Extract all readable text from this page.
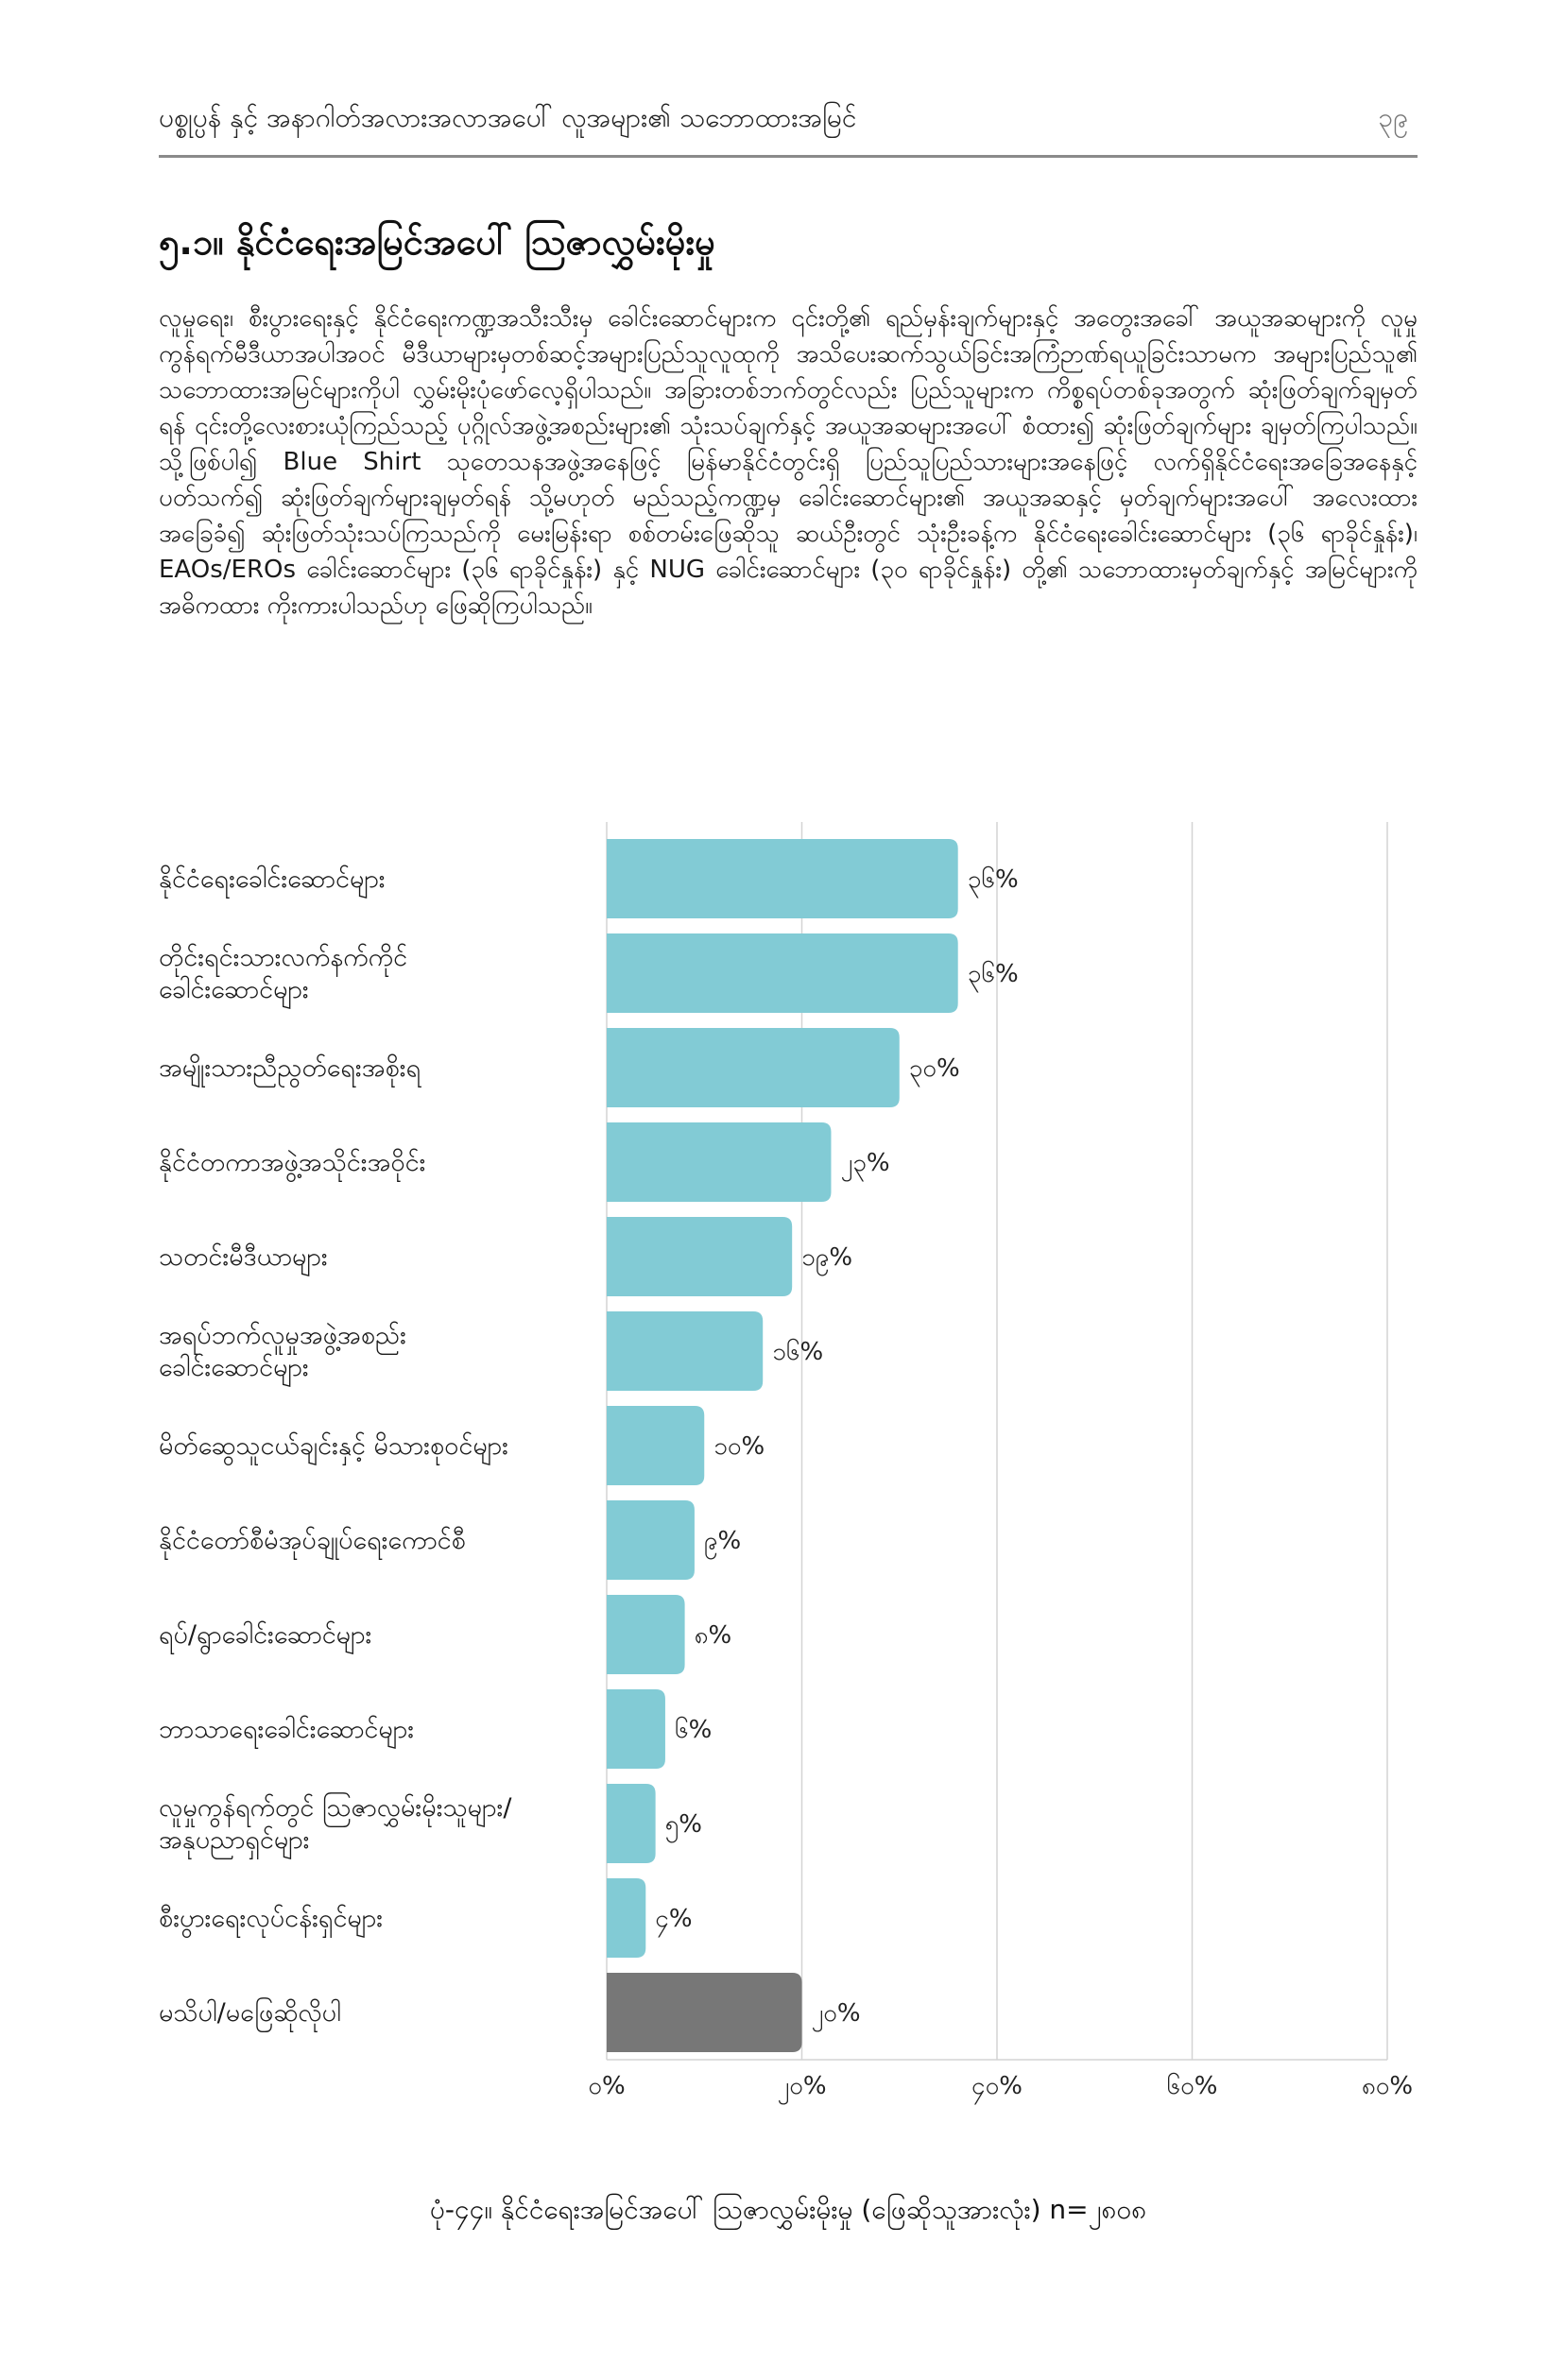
ပစ္စုပ္ပန် နှင့် အနာဂါတ်အလားအလာအပေါ် လူအများ၏ သဘောထားအမြင်	၃၉
၅.၁။ နိုင်ငံရေးအမြင်အပေါ် သြဇာလွှမ်းမိုးမှု
လူမှုရေး၊ စီးပွားရေးနှင့် နိုင်ငံရေးကဏ္ဍအသီးသီးမှ ခေါင်းဆောင်များက ၎င်းတို့၏ ရည်မှန်းချက်များနှင့် အတွေးအခေါ် အယူအဆများကို လူမှုကွန်ရက်မီဒီယာအပါအဝင် မီဒီယာများမှတစ်ဆင့်အများပြည်သူလူထုကို အသိပေးဆက်သွယ်ခြင်းအကြံဉာဏ်ရယူခြင်းသာမက အများပြည်သူ၏ သဘောထားအမြင်များကိုပါ လွှမ်းမိုးပုံဖော်လေ့ရှိပါသည်။ အခြားတစ်ဘက်တွင်လည်း ပြည်သူများက ကိစ္စရပ်တစ်ခုအတွက် ဆုံးဖြတ်ချက်ချမှတ်ရန် ၎င်းတို့လေးစားယုံကြည်သည့် ပုဂ္ဂိုလ်အဖွဲ့အစည်းများ၏ သုံးသပ်ချက်နှင့် အယူအဆများအပေါ် စံထား၍ ဆုံးဖြတ်ချက်များ ချမှတ်ကြပါသည်။ သို့ဖြစ်ပါ၍ Blue Shirt သုတေသနအဖွဲ့အနေဖြင့် မြန်မာနိုင်ငံတွင်းရှိ ပြည်သူပြည်သားများအနေဖြင့် လက်ရှိနိုင်ငံရေးအခြေအနေနှင့် ပတ်သက်၍ ဆုံးဖြတ်ချက်များချမှတ်ရန် သို့မဟုတ် မည်သည့်ကဏ္ဍမှ ခေါင်းဆောင်များ၏ အယူအဆနှင့် မှတ်ချက်များအပေါ် အလေးထားအခြေခံ၍ ဆုံးဖြတ်သုံးသပ်ကြသည်ကို မေးမြန်းရာ စစ်တမ်းဖြေဆိုသူ ဆယ်ဦးတွင် သုံးဦးခန့်က နိုင်ငံရေးခေါင်းဆောင်များ (၃၆ ရာခိုင်နှုန်း)၊ EAOs/EROs ခေါင်းဆောင်များ (၃၆ ရာခိုင်နှုန်း) နှင့် NUG ခေါင်းဆောင်များ (၃၀ ရာခိုင်နှုန်း) တို့၏ သဘောထားမှတ်ချက်နှင့် အမြင်များကို အဓိကထား ကိုးကားပါသည်ဟု ဖြေဆိုကြပါသည်။
၀%	၂၀%	၄၀%	၆၀%	၈၀%
၃၆%
နိုင်ငံရေးခေါင်းဆောင်များ
၃၆%
တိုင်းရင်းသားလက်နက်ကိုင်ခေါင်းဆောင်များ
၃၀%
အမျိုးသားညီညွတ်ရေးအစိုးရ
၂၃%
နိုင်ငံတကာအဖွဲ့အသိုင်းအဝိုင်း
၁၉%
သတင်းမီဒီယာများ
၁၆%
အရပ်ဘက်လူမှုအဖွဲ့အစည်းခေါင်းဆောင်များ
၁၀%
မိတ်ဆွေသူငယ်ချင်းနှင့် မိသားစုဝင်များ
၉%
နိုင်ငံတော်စီမံအုပ်ချုပ်ရေးကောင်စီ
၈%
ရပ်/ရွာခေါင်းဆောင်များ
၆%
ဘာသာရေးခေါင်းဆောင်များ
၅%
လူမှုကွန်ရက်တွင် သြဇာလွှမ်းမိုးသူများ/အနုပညာရှင်များ
၄%
စီးပွားရေးလုပ်ငန်းရှင်များ
၂၀%
မသိပါ/မဖြေဆိုလိုပါ
ပုံ-၄၄။ နိုင်ငံရေးအမြင်အပေါ် သြဇာလွှမ်းမိုးမှု (ဖြေဆိုသူအားလုံး) n=၂၈၀၈
